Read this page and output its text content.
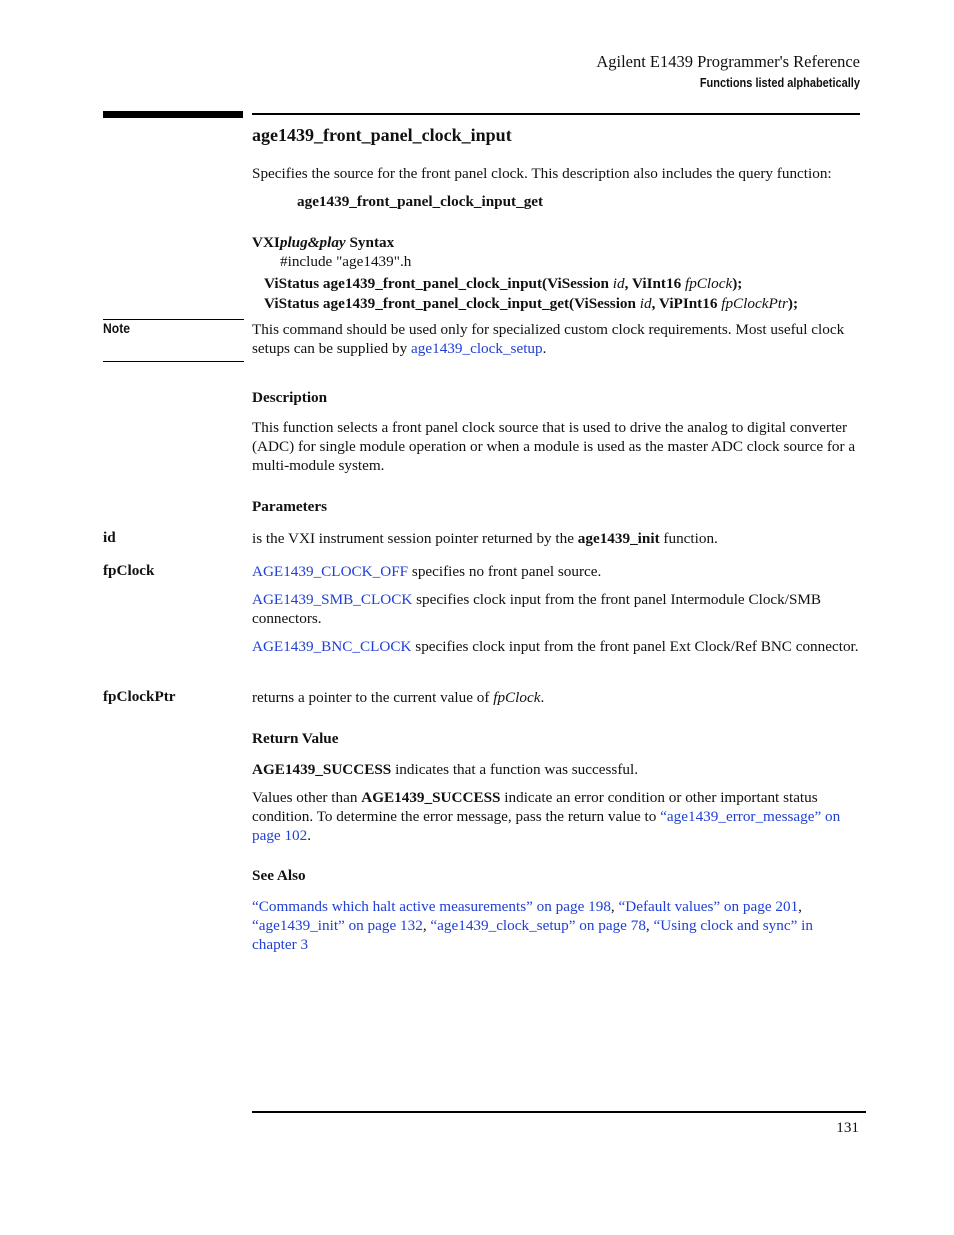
Agilent E1439 Programmer's Reference
Functions listed alphabetically
age1439_front_panel_clock_input
Specifies the source for the front panel clock. This description also includes the query function:
age1439_front_panel_clock_input_get
VXIplug&play Syntax
#include "age1439".h
ViStatus age1439_front_panel_clock_input(ViSession id, ViInt16 fpClock);
ViStatus age1439_front_panel_clock_input_get(ViSession id, ViPInt16 fpClockPtr);
Note	This command should be used only for specialized custom clock requirements. Most useful clock setups can be supplied by age1439_clock_setup.
Description
This function selects a front panel clock source that is used to drive the analog to digital converter (ADC) for single module operation or when a module is used as the master ADC clock source for a multi-module system.
Parameters
id	is the VXI instrument session pointer returned by the age1439_init function.
fpClock	AGE1439_CLOCK_OFF specifies no front panel source.
AGE1439_SMB_CLOCK specifies clock input from the front panel Intermodule Clock/SMB connectors.
AGE1439_BNC_CLOCK specifies clock input from the front panel Ext Clock/Ref BNC connector.
fpClockPtr	returns a pointer to the current value of fpClock.
Return Value
AGE1439_SUCCESS indicates that a function was successful.
Values other than AGE1439_SUCCESS indicate an error condition or other important status condition. To determine the error message, pass the return value to “age1439_error_message” on page 102.
See Also
“Commands which halt active measurements” on page 198, “Default values” on page 201, “age1439_init” on page 132, “age1439_clock_setup” on page 78, “Using clock and sync” in chapter 3
131
